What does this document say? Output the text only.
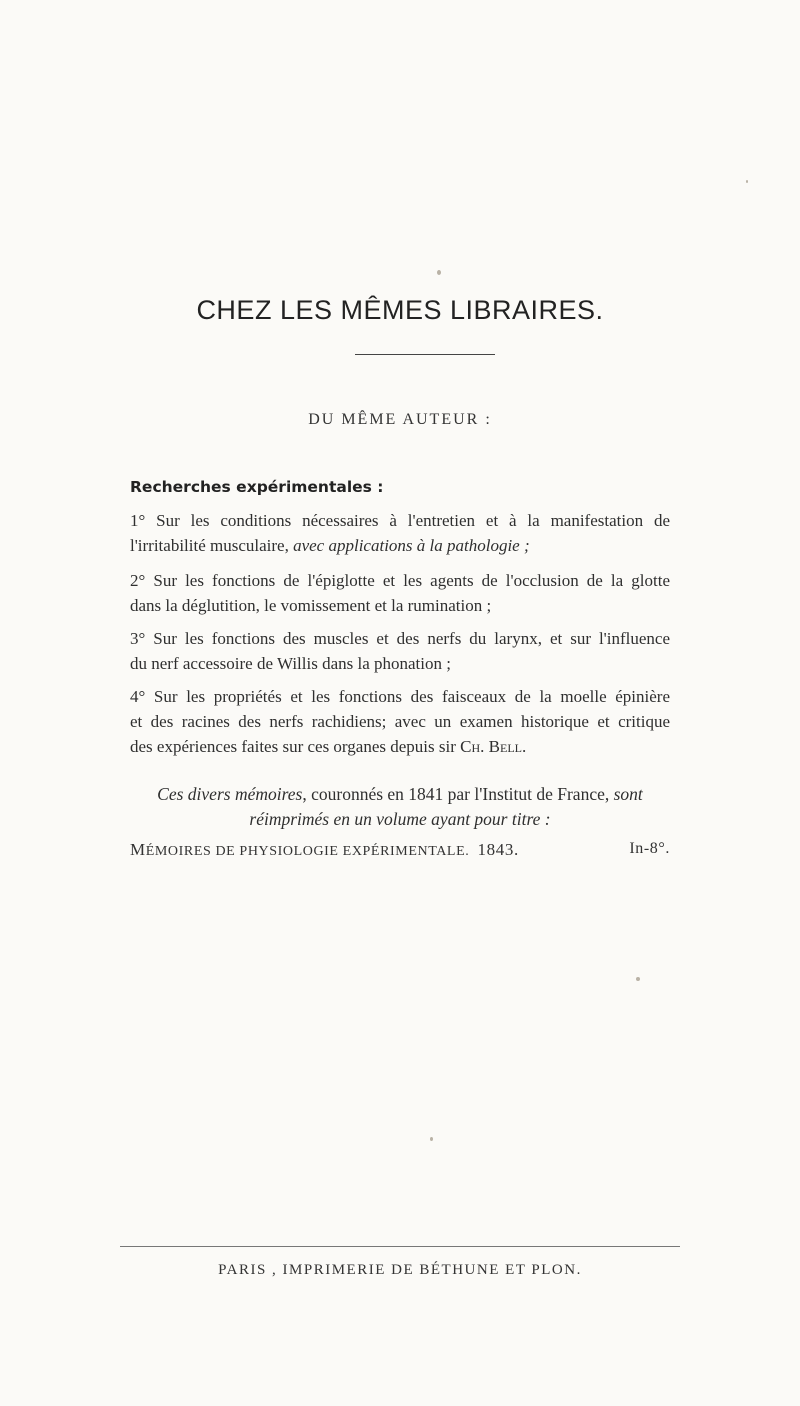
CHEZ LES MÊMES LIBRAIRES.
DU MÊME AUTEUR :
Recherches expérimentales :
1° Sur les conditions nécessaires à l'entretien et à la manifestation de
l'irritabilité musculaire, avec applications à la pathologie ;
2° Sur les fonctions de l'épiglotte et les agents de l'occlusion de la glotte
dans la déglutition, le vomissement et la rumination ;
3° Sur les fonctions des muscles et des nerfs du larynx, et sur l'influence
du nerf accessoire de Willis dans la phonation ;
4° Sur les propriétés et les fonctions des faisceaux de la moelle épinière
et des racines des nerfs rachidiens; avec un examen historique et critique
des expériences faites sur ces organes depuis sir Ch. Bell.
Ces divers mémoires, couronnés en 1841 par l'Institut de France, sont
réimprimés en un volume ayant pour titre :
MÉMOIRES DE PHYSIOLOGIE EXPÉRIMENTALE. 1843.	In-8°.
PARIS , IMPRIMERIE DE BÉTHUNE ET PLON.
